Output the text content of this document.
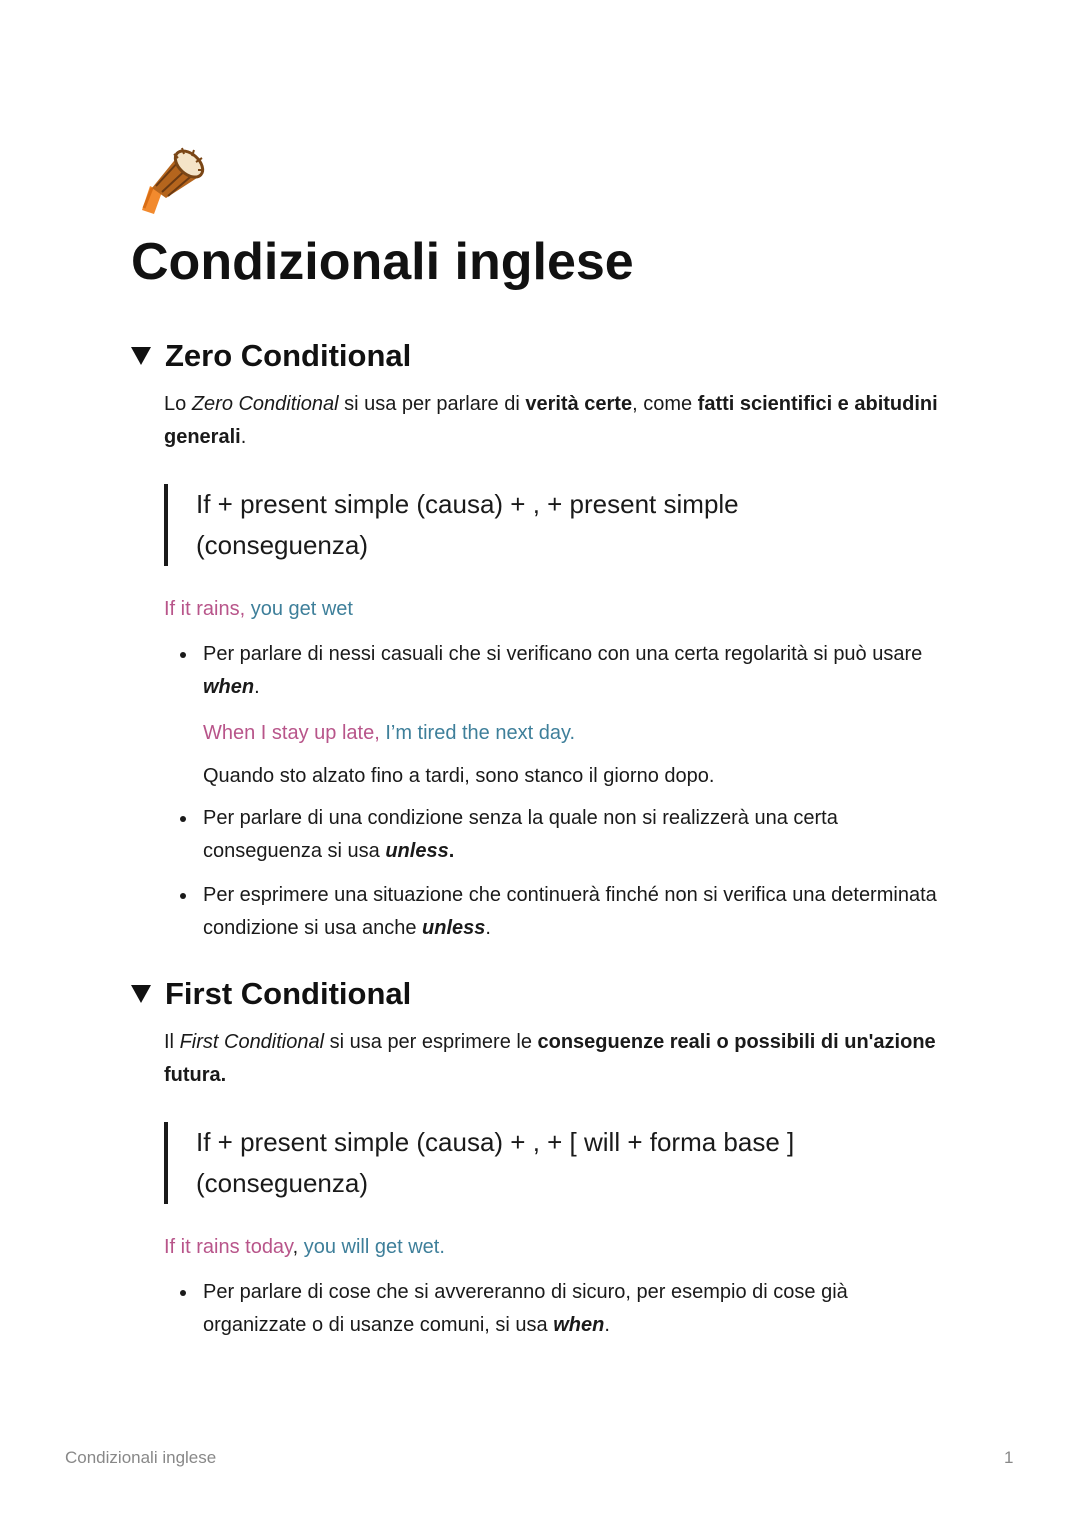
Condizionali inglese
Zero Conditional

Lo Zero Conditional si usa per parlare di verità certe, come fatti scientifici e abitudini generali.

If + present simple (causa) + , + present simple (conseguenza)

If it rains, you get wet

Per parlare di nessi casuali che si verificano con una certa regolarità si può usare when.

When I stay up late, I’m tired the next day.

Quando sto alzato fino a tardi, sono stanco il giorno dopo.

Per parlare di una condizione senza la quale non si realizzerà una certa conseguenza si usa unless.
Per esprimere una situazione che continuerà finché non si verifica una determinata condizione si usa anche unless.
First Conditional

Il First Conditional si usa per esprimere le conseguenze reali o possibili di un'azione futura.

If + present simple (causa) + , + [ will + forma base ] (conseguenza)

If it rains today, you will get wet.

Per parlare di cose che si avvereranno di sicuro, per esempio di cose già organizzate o di usanze comuni, si usa when.
Condizionali inglese	1
